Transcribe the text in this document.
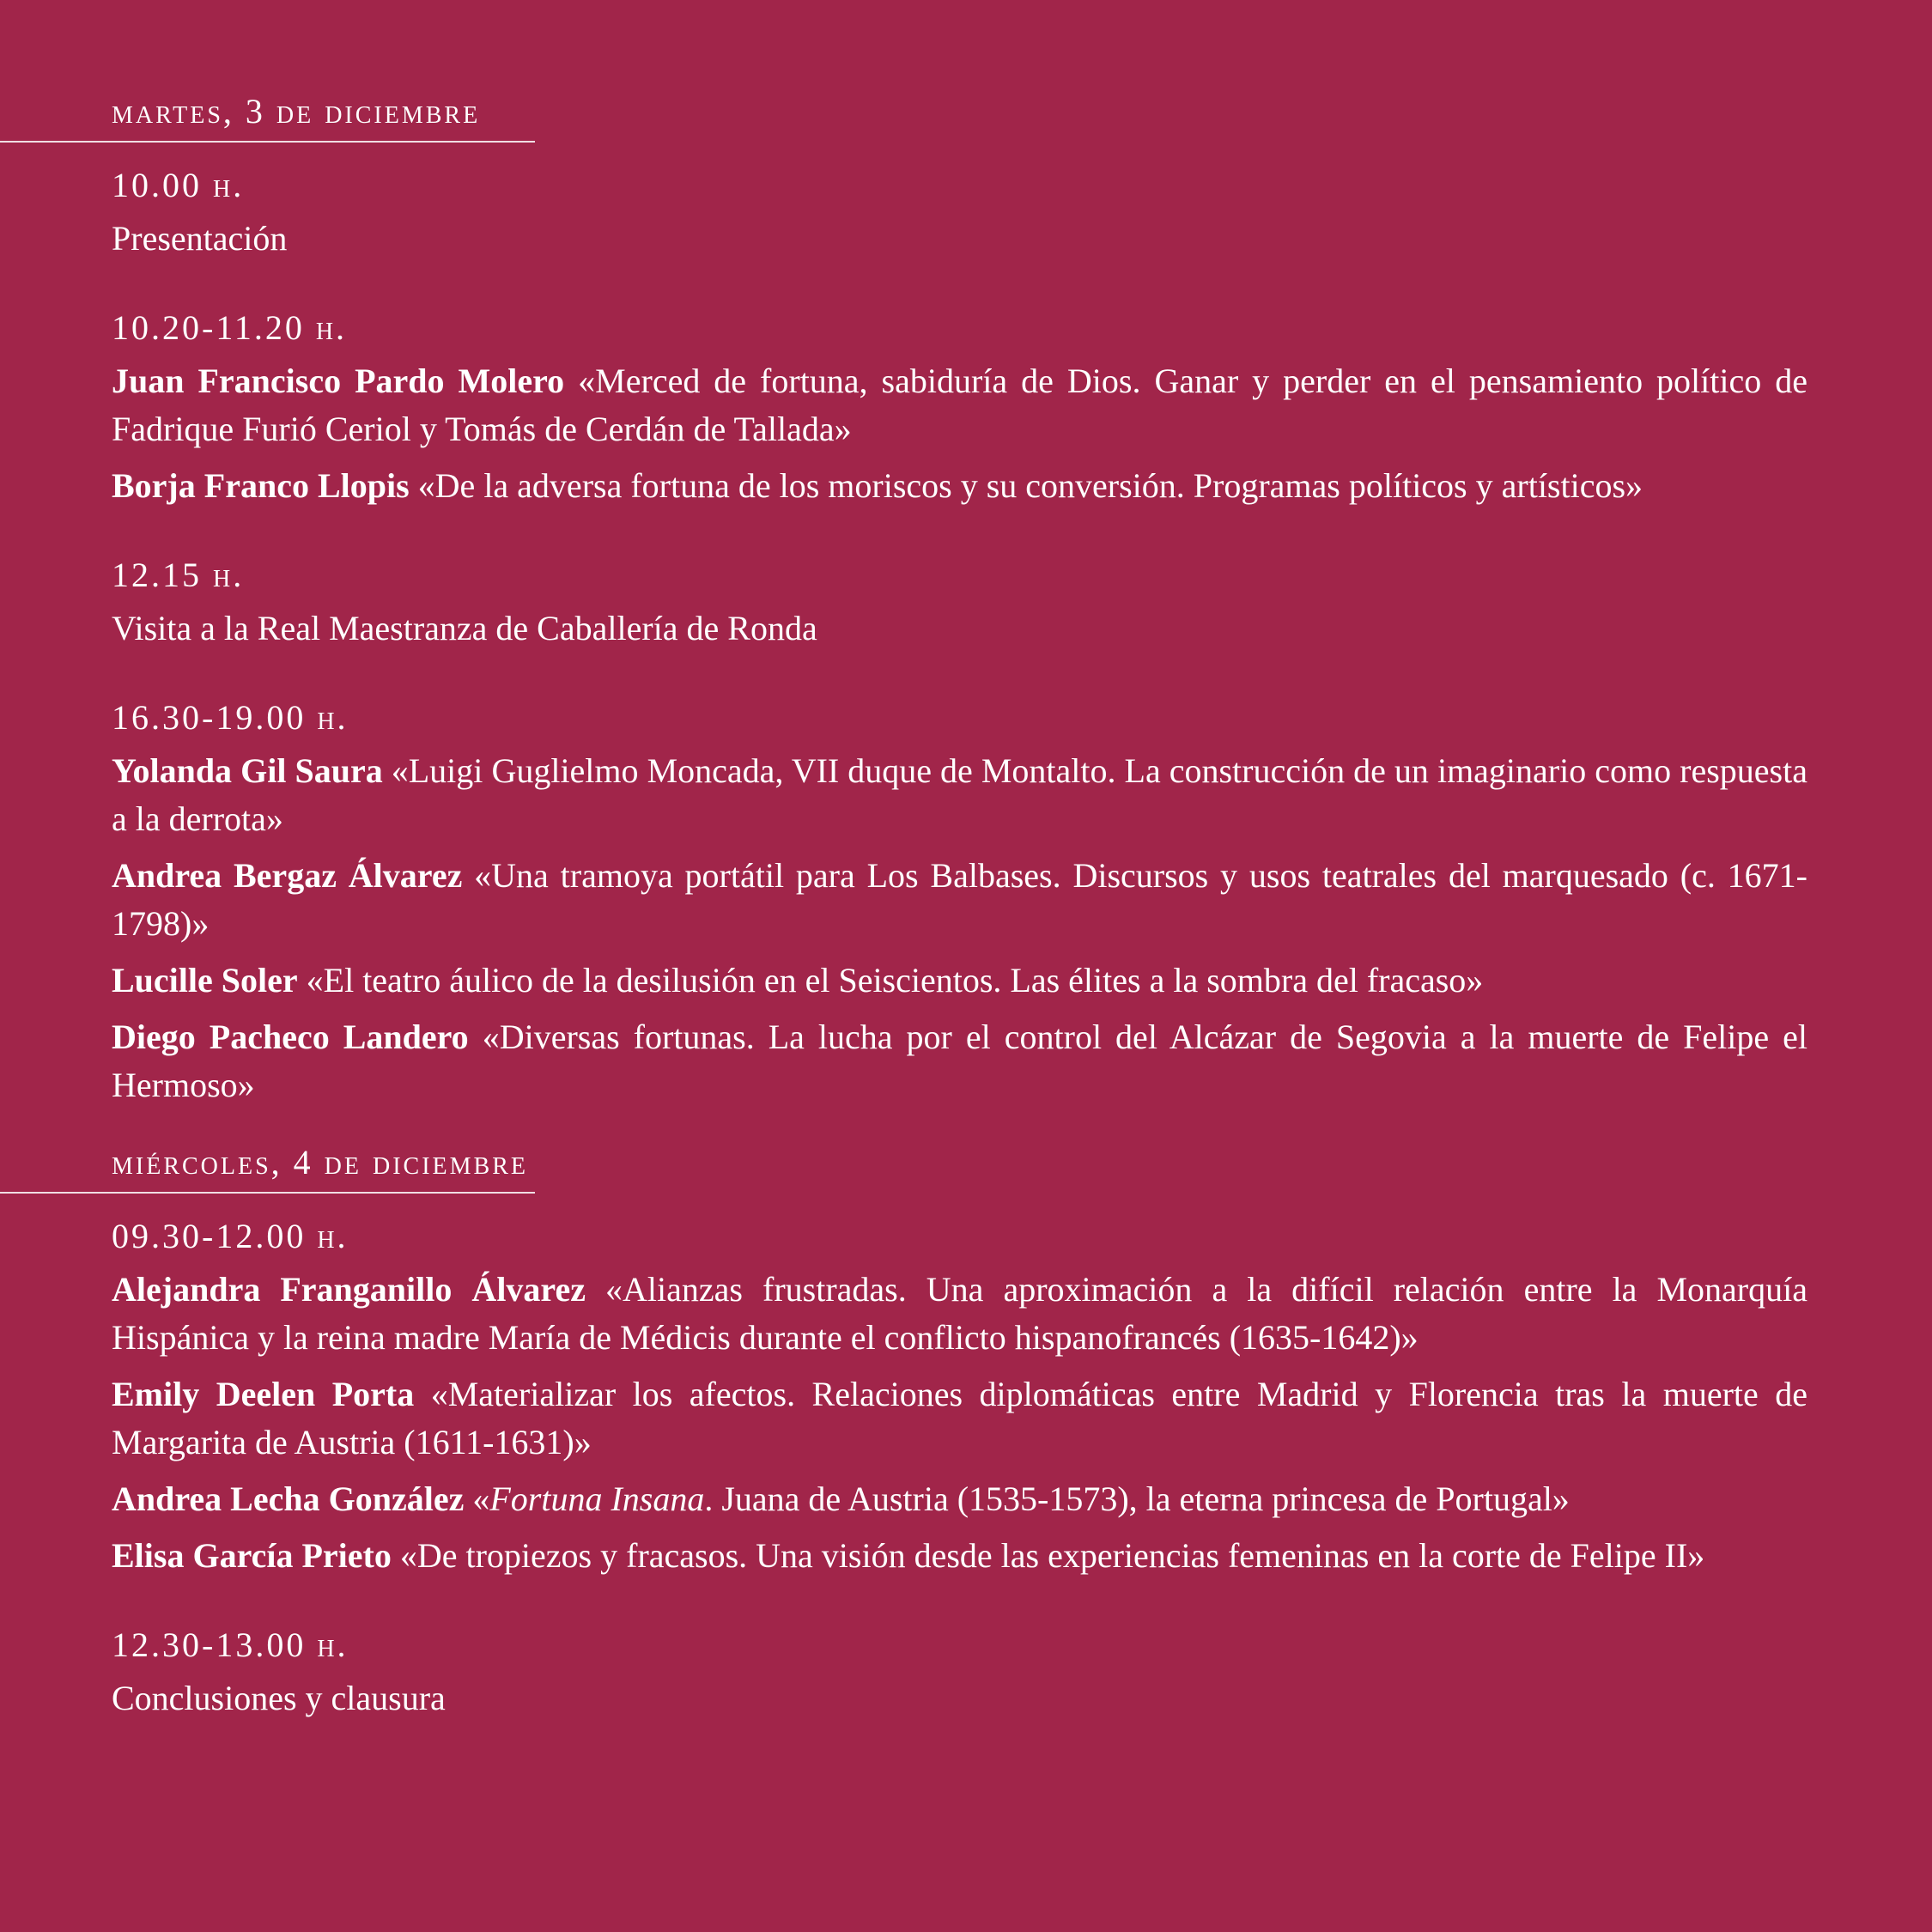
martes, 3 de diciembre
10.00 h.
Presentación
10.20-11.20 h.

Juan Francisco Pardo Molero «Merced de fortuna, sabiduría de Dios. Ganar y perder en el pensamiento político de Fadrique Furió Ceriol y Tomás de Cerdán de Tallada»

Borja Franco Llopis «De la adversa fortuna de los moriscos y su conversión. Programas políticos y artísticos»

12.15 h.
Visita a la Real Maestranza de Caballería de Ronda
16.30-19.00 h.

Yolanda Gil Saura «Luigi Guglielmo Moncada, VII duque de Montalto. La construcción de un imaginario como respuesta a la derrota»

Andrea Bergaz Álvarez «Una tramoya portátil para Los Balbases. Discursos y usos teatrales del marquesado (c. 1671-1798)»

Lucille Soler «El teatro áulico de la desilusión en el Seiscientos. Las élites a la sombra del fracaso»

Diego Pacheco Landero «Diversas fortunas. La lucha por el control del Alcázar de Segovia a la muerte de Felipe el Hermoso»

miércoles, 4 de diciembre
09.30-12.00 h.

Alejandra Franganillo Álvarez «Alianzas frustradas. Una aproximación a la difícil relación entre la Monarquía Hispánica y la reina madre María de Médicis durante el conflicto hispanofrancés (1635-1642)»

Emily Deelen Porta «Materializar los afectos. Relaciones diplomáticas entre Madrid y Florencia tras la muerte de Margarita de Austria (1611-1631)»

Andrea Lecha González «Fortuna Insana. Juana de Austria (1535-1573), la eterna princesa de Portugal»

Elisa García Prieto «De tropiezos y fracasos. Una visión desde las experiencias femeninas en la corte de Felipe II»

12.30-13.00 h.
Conclusiones y clausura
